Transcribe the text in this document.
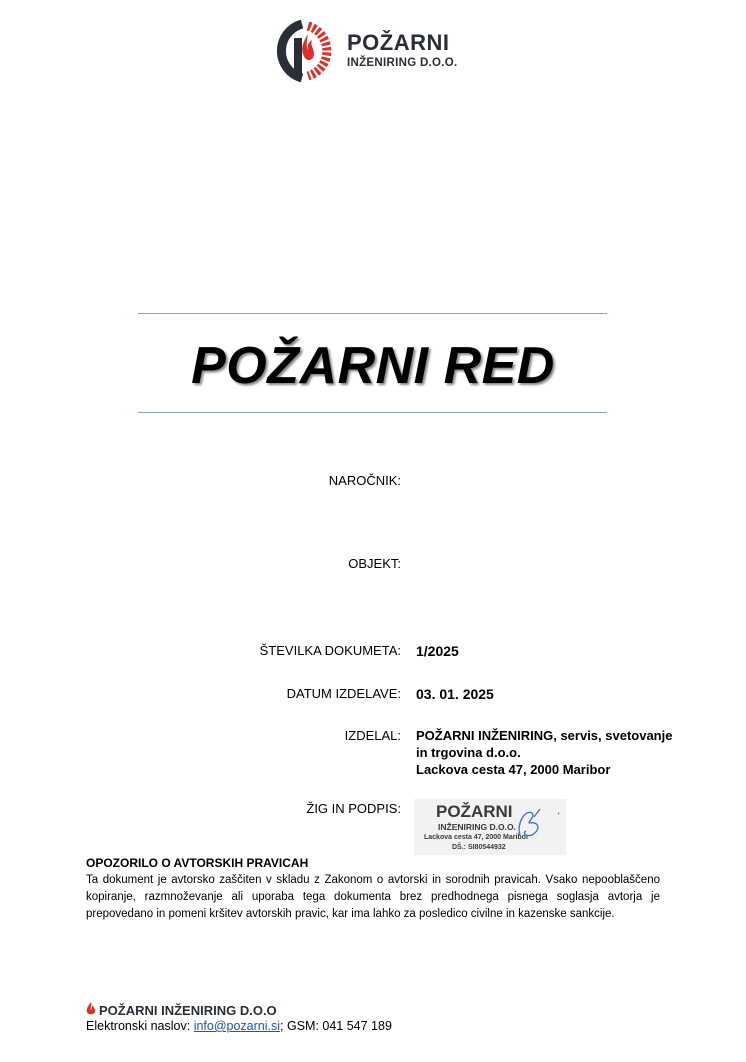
POŽARNI
INŽENIRING D.O.O.
POŽARNI RED
NAROČNIK:
OBJEKT:
ŠTEVILKA DOKUMETA: 1/2025
DATUM IZDELAVE: 03. 01. 2025
IZDELAL: POŽARNI INŽENIRING, servis, svetovanje
in trgovina d.o.o.
Lackova cesta 47, 2000 Maribor
ŽIG IN PODPIS: POŽARNI
INŽENIRING D.O.O.
Lackova cesta 47, 2000 Maribor
DŠ.: SI80544932
OPOZORILO O AVTORSKIH PRAVICAH
Ta dokument je avtorsko zaščiten v skladu z Zakonom o avtorski in sorodnih pravicah. Vsako nepooblaščeno kopiranje, razmnoževanje ali uporaba tega dokumenta brez predhodnega pisnega soglasja avtorja je prepovedano in pomeni kršitev avtorskih pravic, kar ima lahko za posledico civilne in kazenske sankcije.
POŽARNI INŽENIRING D.O.O
Elektronski naslov: info@pozarni.si; GSM: 041 547 189
